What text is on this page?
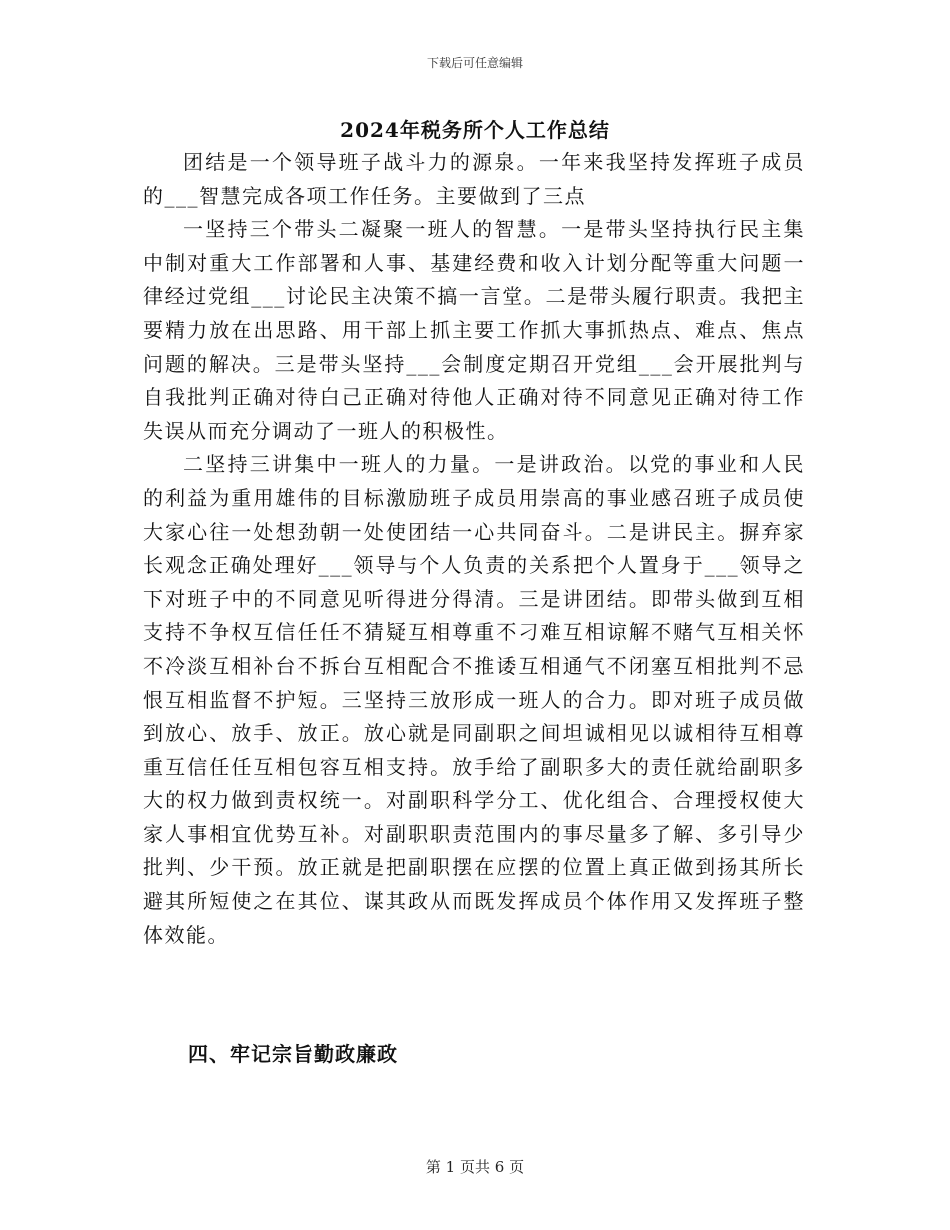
下载后可任意编辑
2024年税务所个人工作总结

团结是一个领导班子战斗力的源泉。一年来我坚持发挥班子成员的___智慧完成各项工作任务。主要做到了三点

一坚持三个带头二凝聚一班人的智慧。一是带头坚持执行民主集中制对重大工作部署和人事、基建经费和收入计划分配等重大问题一律经过党组___讨论民主决策不搞一言堂。二是带头履行职责。我把主要精力放在出思路、用干部上抓主要工作抓大事抓热点、难点、焦点问题的解决。三是带头坚持___会制度定期召开党组___会开展批判与自我批判正确对待白己正确对待他人正确对待不同意见正确对待工作失误从而充分调动了一班人的积极性。

二坚持三讲集中一班人的力量。一是讲政治。以党的事业和人民的利益为重用雄伟的目标激励班子成员用崇高的事业感召班子成员使大家心往一处想劲朝一处使团结一心共同奋斗。二是讲民主。摒弃家长观念正确处理好___领导与个人负责的关系把个人置身于___领导之下对班子中的不同意见听得进分得清。三是讲团结。即带头做到互相支持不争权互信任任不猜疑互相尊重不刁难互相谅解不赌气互相关怀不冷淡互相补台不拆台互相配合不推诿互相通气不闭塞互相批判不忌恨互相监督不护短。三坚持三放形成一班人的合力。即对班子成员做到放心、放手、放正。放心就是同副职之间坦诚相见以诚相待互相尊重互信任任互相包容互相支持。放手给了副职多大的责任就给副职多大的权力做到责权统一。对副职科学分工、优化组合、合理授权使大家人事相宜优势互补。对副职职责范围内的事尽量多了解、多引导少批判、少干预。放正就是把副职摆在应摆的位置上真正做到扬其所长避其所短使之在其位、谋其政从而既发挥成员个体作用又发挥班子整体效能。

四、牢记宗旨勤政廉政
第 1 页共 6 页
